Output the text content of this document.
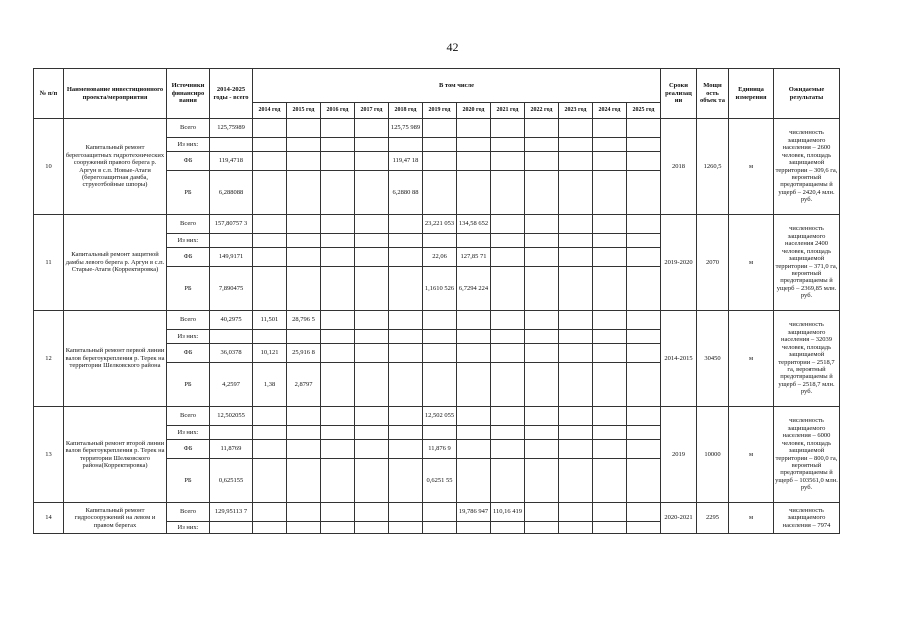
42
№ п/п	Наименование инвестиционного проекта/мероприятия	Источники финансиро вания	2014-2025 годы - всего	В том числе												Сроки реализац ии	Мощн ость объек та	Единица измерения	Ожидаемые результаты
				2014 год	2015 год	2016 год	2017 год	2018 год	2019 год	2020 год	2021 год	2022 год	2023 год	2024 год	2025 год				
10	Капитальный ремонт берегозащитных гидротехнических сооружений правого берега р. Аргун в с.п. Новые-Атаги (берегозащитная дамба, струеотбойные шпоры)	Всего	125,75989					125,75 989								2018	1260,5	м	численность защищаемого населения – 2600 человек, площадь защищаемой территории – 309,6 га, вероятный предотвращаемы й ущерб – 2420,4 млн. руб.
		Из них:																	
		ФБ	119,4718					119,47 18											
		РБ	6,288088					6,2880 88											
11	Капитальный ремонт защитной дамбы левого берега р. Аргун в с.п. Старые-Атаги (Корректировка)	Всего	157,80757 3						23,221 053	134,58 652						2019-2020	2070	м	численность защищаемого населения 2400 человек, площадь защищаемой территории – 371,0 га, вероятный предотвращаемы й ущерб – 2369,85 млн. руб.
		Из них:																	
		ФБ	149,9171						22,06	127,85 71									
		РБ	7,890475						1,1610 526	6,7294 224									
12	Капитальный ремонт первой линии валов берегоукрепления р. Терек на территории Шелковского района	Всего	40,2975	11,501	28,796 5											2014-2015	30450	м	численность защищаемого населения – 32039 человек, площадь защищаемой территории – 2518,7 га, вероятный предотвращаемы й ущерб – 2518,7 млн. руб.
		Из них:																	
		ФБ	36,0378	10,121	25,916 8														
		РБ	4,2597	1,38	2,8797														
13	Капитальный ремонт второй линии валов берегоукрепления р. Терек на территории Шелковского района(Корректировка)	Всего	12,502055						12,502 055							2019	10000	м	численность защищаемого населения – 6000 человек, площадь защищаемой территории – 800,0 га, вероятный предотвращаемы й ущерб – 103561,0 млн. руб.
		Из них:																	
		ФБ	11,8769						11,876 9										
		РБ	0,625155						0,6251 55										
14	Капитальный ремонт гидросооружений на левом и правом берегах	Всего	129,95113 7							19,786 947	110,16 419					2020-2021	2295	м	численность защищаемого населения – 7974
		Из них:																	
